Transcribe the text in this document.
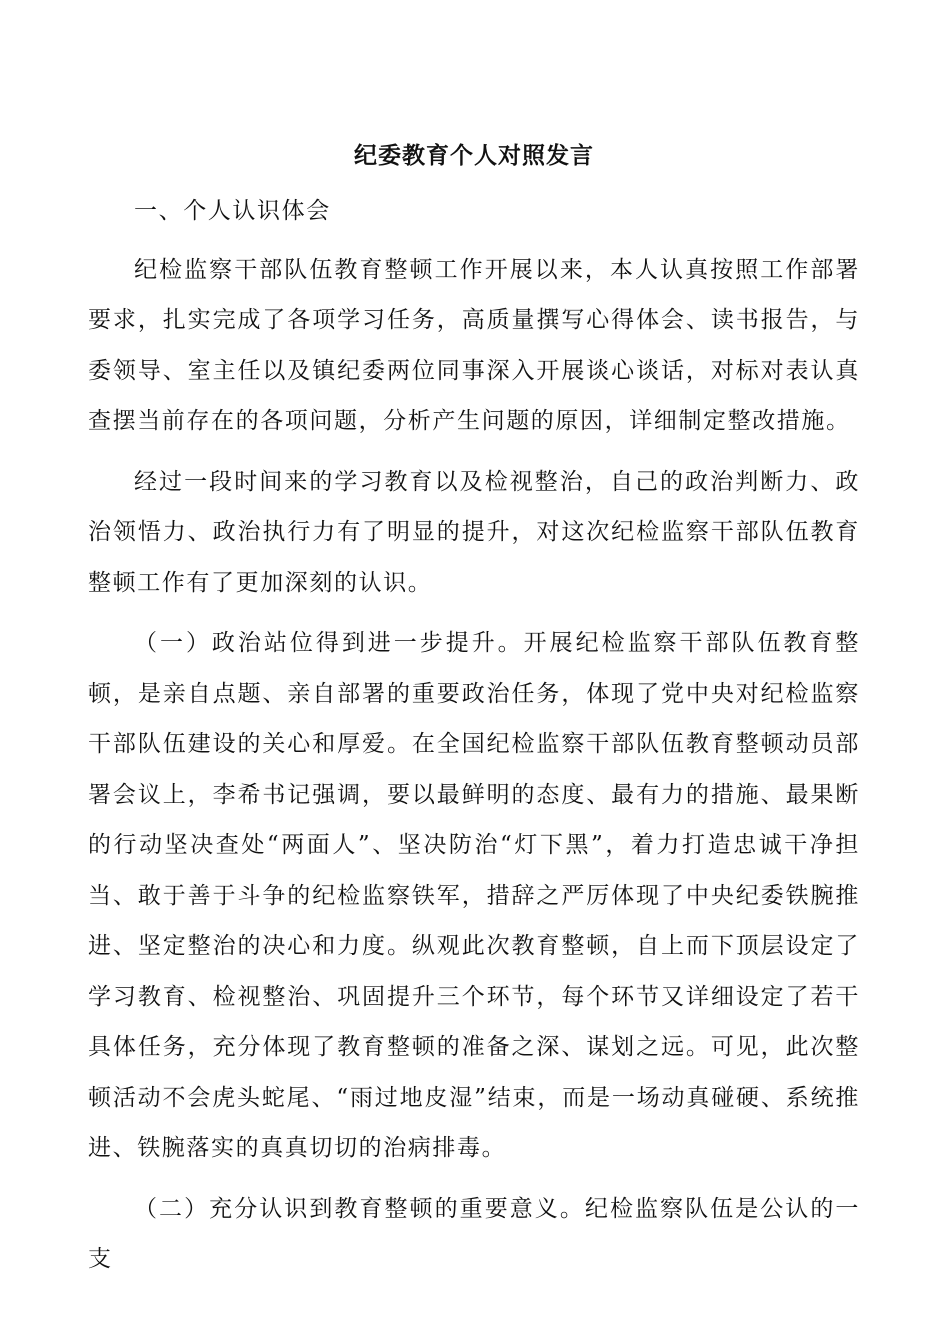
纪委教育个人对照发言

一、个人认识体会

纪检监察干部队伍教育整顿工作开展以来，本人认真按照工作部署要求，扎实完成了各项学习任务，高质量撰写心得体会、读书报告，与委领导、室主任以及镇纪委两位同事深入开展谈心谈话，对标对表认真查摆当前存在的各项问题，分析产生问题的原因，详细制定整改措施。

经过一段时间来的学习教育以及检视整治，自己的政治判断力、政治领悟力、政治执行力有了明显的提升，对这次纪检监察干部队伍教育整顿工作有了更加深刻的认识。

（一）政治站位得到进一步提升。开展纪检监察干部队伍教育整顿，是亲自点题、亲自部署的重要政治任务，体现了党中央对纪检监察干部队伍建设的关心和厚爱。在全国纪检监察干部队伍教育整顿动员部署会议上，李希书记强调，要以最鲜明的态度、最有力的措施、最果断的行动坚决查处“两面人”、坚决防治“灯下黑”，着力打造忠诚干净担当、敢于善于斗争的纪检监察铁军，措辞之严厉体现了中央纪委铁腕推进、坚定整治的决心和力度。纵观此次教育整顿，自上而下顶层设定了学习教育、检视整治、巩固提升三个环节，每个环节又详细设定了若干具体任务，充分体现了教育整顿的准备之深、谋划之远。可见，此次整顿活动不会虎头蛇尾、“雨过地皮湿”结束，而是一场动真碰硬、系统推进、铁腕落实的真真切切的治病排毒。

（二）充分认识到教育整顿的重要意义。纪检监察队伍是公认的一支
